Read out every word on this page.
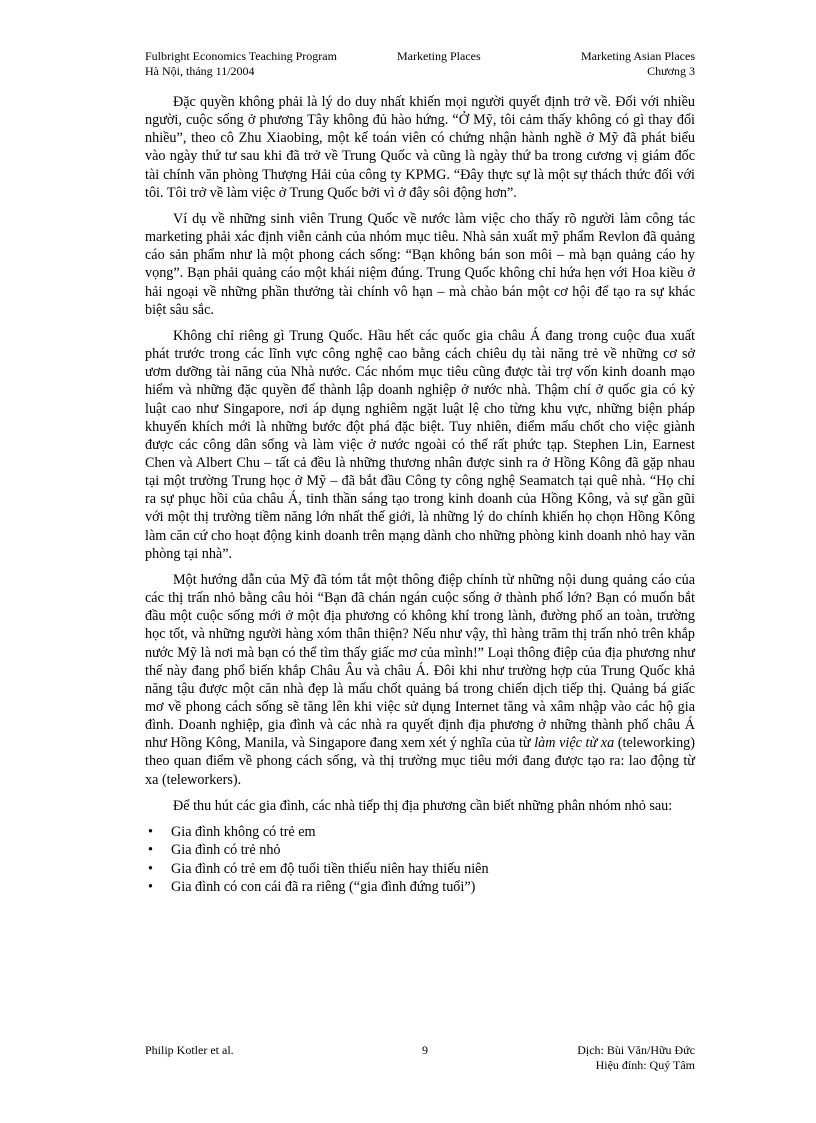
Fulbright Economics Teaching Program
Hà Nội, tháng 11/2004
Marketing Places	Marketing Asian Places
Chương 3

Đặc quyền không phải là lý do duy nhất khiến mọi người quyết định trở về. Đối với nhiều người, cuộc sống ở phương Tây không đủ hào hứng. “Ở Mỹ, tôi cảm thấy không có gì thay đổi nhiều”, theo cô Zhu Xiaobing, một kế toán viên có chứng nhận hành nghề ở Mỹ đã phát biểu vào ngày thứ tư sau khi đã trở về Trung Quốc và cũng là ngày thứ ba trong cương vị giám đốc tài chính văn phòng Thượng Hải của công ty KPMG. “Đây thực sự là một sự thách thức đối với tôi. Tôi trở về làm việc ở Trung Quốc bởi vì ở đây sôi động hơn”.

Ví dụ về những sinh viên Trung Quốc về nước làm việc cho thấy rõ người làm công tác marketing phải xác định viễn cảnh của nhóm mục tiêu. Nhà sản xuất mỹ phẩm Revlon đã quảng cáo sản phẩm như là một phong cách sống: “Bạn không bán son môi – mà bạn quảng cáo hy vọng”. Bạn phải quảng cáo một khái niệm đúng. Trung Quốc không chỉ hứa hẹn với Hoa kiều ở hải ngoại về những phần thưởng tài chính vô hạn – mà chào bán một cơ hội để tạo ra sự khác biệt sâu sắc.

Không chỉ riêng gì Trung Quốc. Hầu hết các quốc gia châu Á đang trong cuộc đua xuất phát trước trong các lĩnh vực công nghệ cao bằng cách chiêu dụ tài năng trẻ về những cơ sở ươm dưỡng tài năng của Nhà nước. Các nhóm mục tiêu cũng được tài trợ vốn kinh doanh mạo hiểm và những đặc quyền để thành lập doanh nghiệp ở nước nhà. Thậm chí ở quốc gia có kỷ luật cao như Singapore, nơi áp dụng nghiêm ngặt luật lệ cho từng khu vực, những biện pháp khuyến khích mới là những bước đột phá đặc biệt. Tuy nhiên, điểm mấu chốt cho việc giành được các công dân sống và làm việc ở nước ngoài có thể rất phức tạp. Stephen Lin, Earnest Chen và Albert Chu – tất cả đều là những thương nhân được sinh ra ở Hồng Kông đã gặp nhau tại một trường Trung học ở Mỹ – đã bắt đầu Công ty công nghệ Seamatch tại quê nhà. “Họ chỉ ra sự phục hồi của châu Á, tinh thần sáng tạo trong kinh doanh của Hồng Kông, và sự gần gũi với một thị trường tiềm năng lớn nhất thế giới, là những lý do chính khiến họ chọn Hồng Kông làm căn cứ cho hoạt động kinh doanh trên mạng dành cho những phòng kinh doanh nhỏ hay văn phòng tại nhà”.

Một hướng dẫn của Mỹ đã tóm tắt một thông điệp chính từ những nội dung quảng cáo của các thị trấn nhỏ bằng câu hỏi “Bạn đã chán ngán cuộc sống ở thành phố lớn? Bạn có muốn bắt đầu một cuộc sống mới ở một địa phương có không khí trong lành, đường phố an toàn, trường học tốt, và những người hàng xóm thân thiện? Nếu như vậy, thì hàng trăm thị trấn nhỏ trên khắp nước Mỹ là nơi mà bạn có thể tìm thấy giấc mơ của mình!” Loại thông điệp của địa phương như thế này đang phổ biến khắp Châu Âu và châu Á. Đôi khi như trường hợp của Trung Quốc khả năng tậu được một căn nhà đẹp là mấu chốt quảng bá trong chiến dịch tiếp thị. Quảng bá giấc mơ về phong cách sống sẽ tăng lên khi việc sử dụng Internet tăng và xâm nhập vào các hộ gia đình. Doanh nghiệp, gia đình và các nhà ra quyết định địa phương ở những thành phố châu Á như Hồng Kông, Manila, và Singapore đang xem xét ý nghĩa của từ làm việc từ xa (teleworking) theo quan điểm về phong cách sống, và thị trường mục tiêu mới đang được tạo ra: lao động từ xa (teleworkers).

Để thu hút các gia đình, các nhà tiếp thị địa phương cần biết những phân nhóm nhỏ sau:

• Gia đình không có trẻ em
• Gia đình có trẻ nhỏ
• Gia đình có trẻ em độ tuổi tiền thiếu niên hay thiếu niên
• Gia đình có con cái đã ra riêng (“gia đình đứng tuổi”)
Philip Kotler et al.	9	Dịch: Bùi Văn/Hữu Đức
Hiệu đính: Quý Tâm
